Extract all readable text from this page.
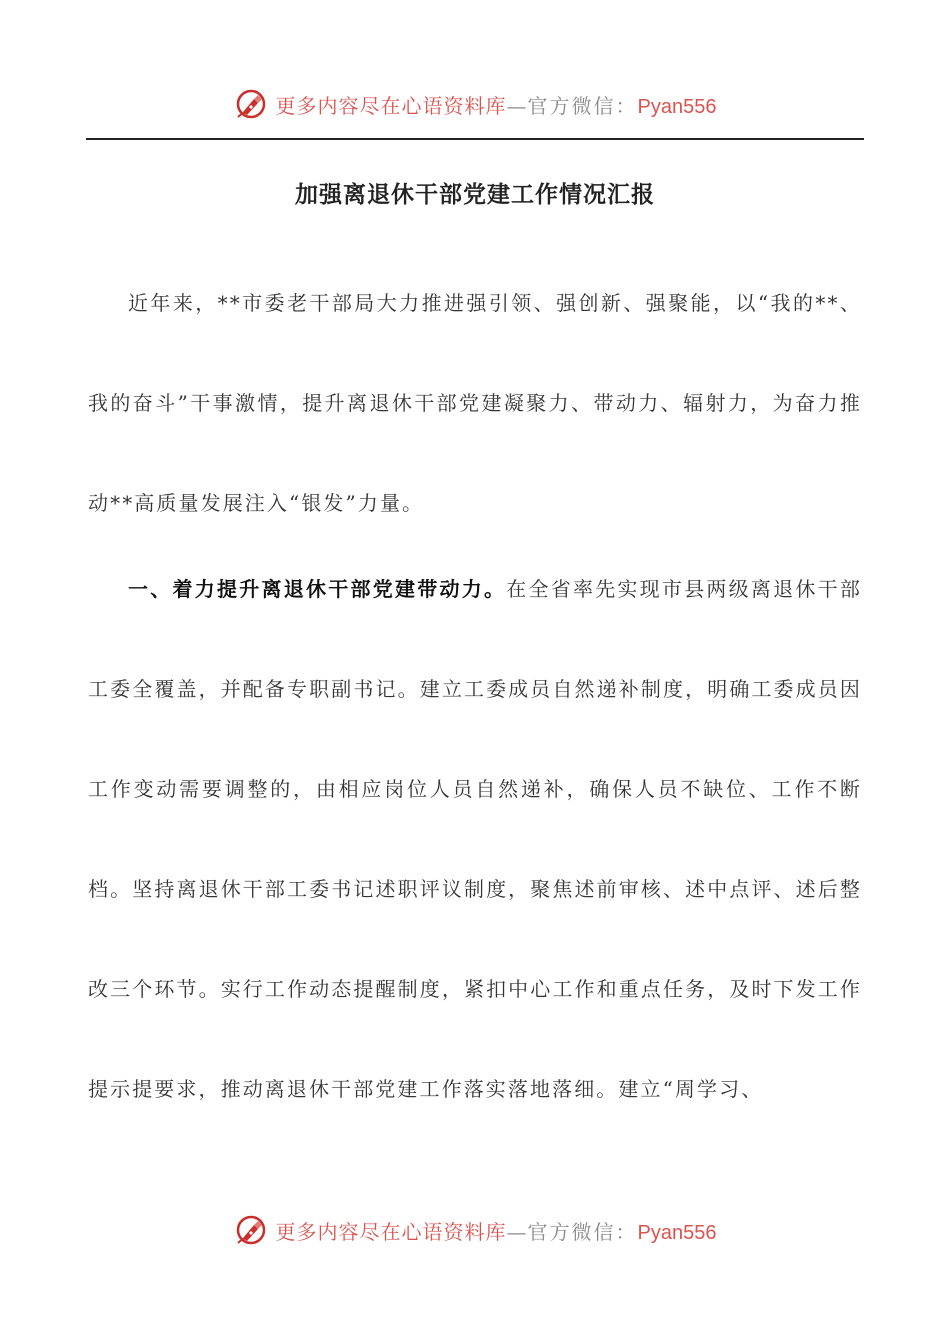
更多内容尽在心语资料库—官方微信：Pyan556
加强离退休干部党建工作情况汇报

近年来，**市委老干部局大力推进强引领、强创新、强聚能，以“我的**、我的奋斗”干事激情，提升离退休干部党建凝聚力、带动力、辐射力，为奋力推动**高质量发展注入“银发”力量。

一、着力提升离退休干部党建带动力。在全省率先实现市县两级离退休干部工委全覆盖，并配备专职副书记。建立工委成员自然递补制度，明确工委成员因工作变动需要调整的，由相应岗位人员自然递补，确保人员不缺位、工作不断档。坚持离退休干部工委书记述职评议制度，聚焦述前审核、述中点评、述后整改三个环节。实行工作动态提醒制度，紧扣中心工作和重点任务，及时下发工作提示提要求，推动离退休干部党建工作落实落地落细。建立“周学习、

更多内容尽在心语资料库—官方微信：Pyan556
